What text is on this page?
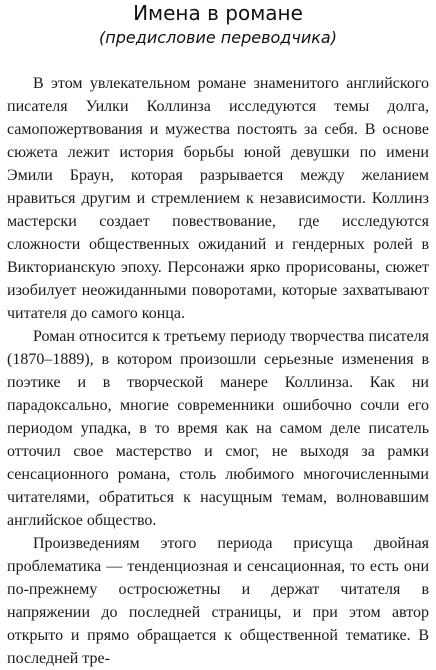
Имена в романе
(предисловие переводчика)

В этом увлекательном романе знаменитого английского писателя Уилки Коллинза исследуются темы долга, самопожертвования и мужества постоять за себя. В основе сюжета лежит история борьбы юной девушки по имени Эмили Браун, которая разрывается между желанием нравиться другим и стремлением к независимости. Коллинз мастерски создает повествование, где исследуются сложности общественных ожиданий и гендерных ролей в Викторианскую эпоху. Персонажи ярко прорисованы, сюжет изобилует неожиданными поворотами, которые захватывают читателя до самого конца.

Роман относится к третьему периоду творчества писателя (1870–1889), в котором произошли серьезные изменения в поэтике и в творческой манере Коллинза. Как ни парадоксально, многие современники ошибочно сочли его периодом упадка, в то время как на самом деле писатель отточил свое мастерство и смог, не выходя за рамки сенсационного романа, столь любимого многочисленными читателями, обратиться к насущным темам, волновавшим английское общество.

Произведениям этого периода присуща двойная проблематика — тенденциозная и сенсационная, то есть они по-прежнему остросюжетны и держат читателя в напряжении до последней страницы, и при этом автор открыто и прямо обращается к общественной тематике. В последней тре-
